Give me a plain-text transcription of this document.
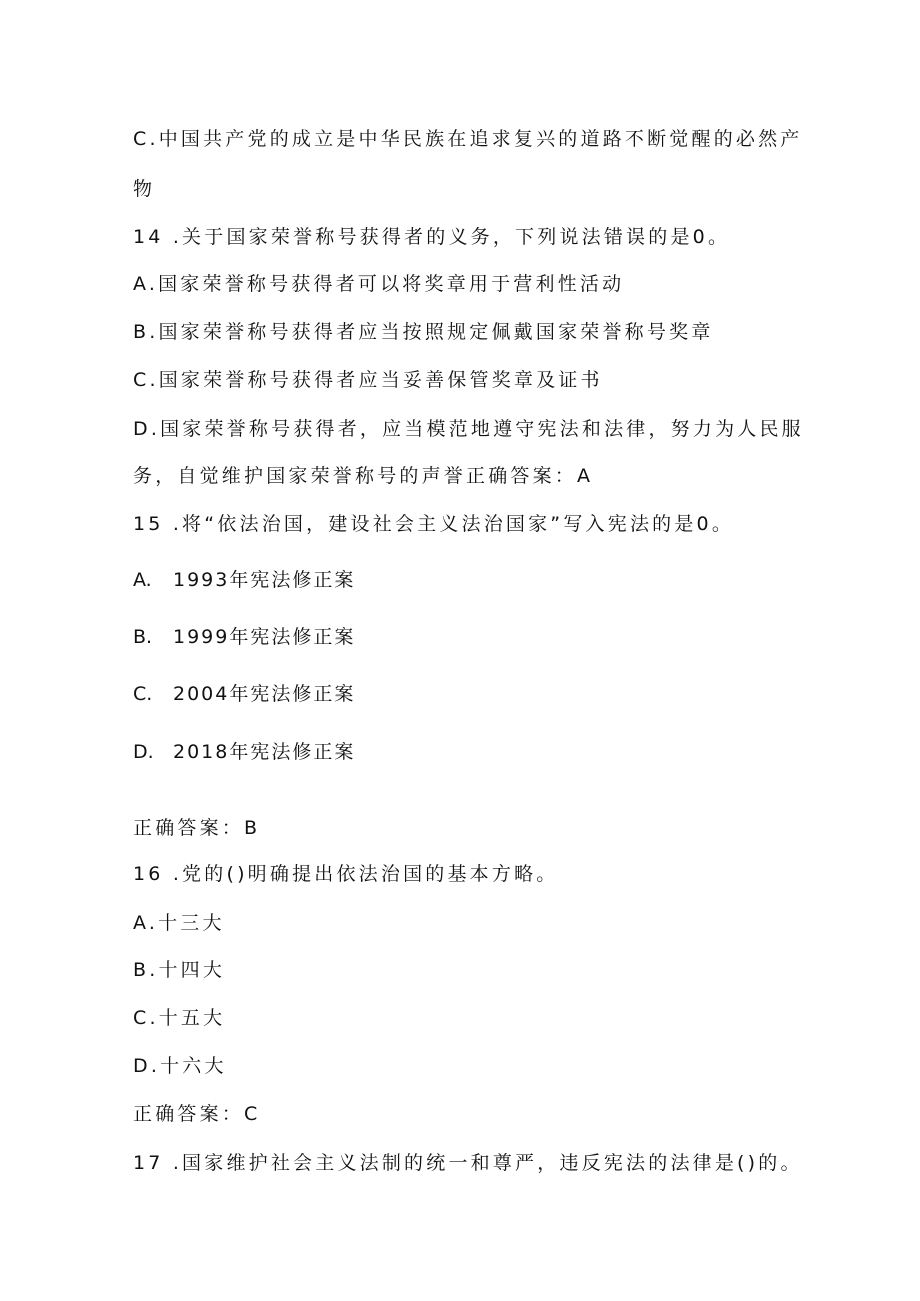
C.中国共产党的成立是中华民族在追求复兴的道路不断觉醒的必然产
物
14 .关于国家荣誉称号获得者的义务，下列说法错误的是0。
A.国家荣誉称号获得者可以将奖章用于营利性活动
B.国家荣誉称号获得者应当按照规定佩戴国家荣誉称号奖章
C.国家荣誉称号获得者应当妥善保管奖章及证书
D.国家荣誉称号获得者，应当模范地遵守宪法和法律，努力为人民服
务，自觉维护国家荣誉称号的声誉正确答案：A
15 .将“依法治国，建设社会主义法治国家”写入宪法的是0。
A. 1993年宪法修正案
B. 1999年宪法修正案
C. 2004年宪法修正案
D. 2018年宪法修正案
正确答案：B
16 .党的()明确提出依法治国的基本方略。
A.十三大
B.十四大
C.十五大
D.十六大
正确答案：C
17 .国家维护社会主义法制的统一和尊严，违反宪法的法律是()的。
